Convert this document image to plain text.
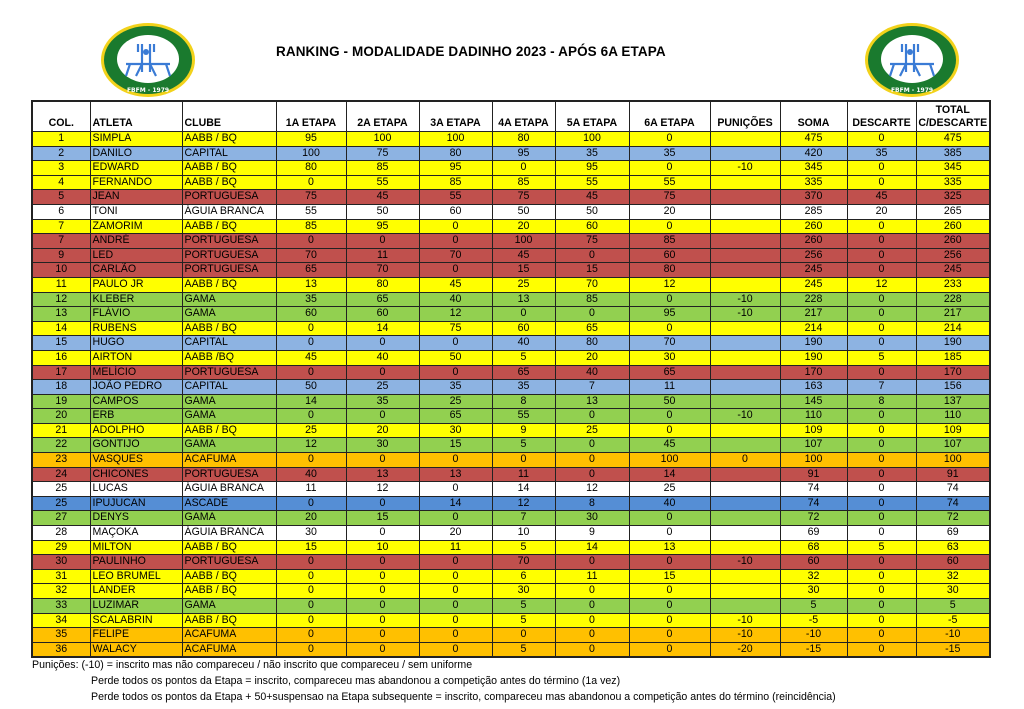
FBFM - 1979
RANKING - MODALIDADE DADINHO 2023 - APÓS 6A ETAPA
FBFM - 1979
COL.	ATLETA	CLUBE	1A ETAPA	2A ETAPA	3A ETAPA	4A ETAPA	5A ETAPA	6A ETAPA	PUNIÇÕES	SOMA	DESCARTE	TOTAL
C/DESCARTE

1	SIMPLA	AABB / BQ	95	100	100	80	100	0		475	0	475
2	DANILO	CAPITAL	100	75	80	95	35	35		420	35	385
3	EDWARD	AABB / BQ	80	85	95	0	95	0	-10	345	0	345
4	FERNANDO	AABB / BQ	0	55	85	85	55	55		335	0	335
5	JEAN	PORTUGUESA	75	45	55	75	45	75		370	45	325
6	TONI	ÁGUIA BRANCA	55	50	60	50	50	20		285	20	265
7	ZAMORIM	AABB / BQ	85	95	0	20	60	0		260	0	260
7	ANDRÉ	PORTUGUESA	0	0	0	100	75	85		260	0	260
9	LED	PORTUGUESA	70	11	70	45	0	60		256	0	256
10	CARLÃO	PORTUGUESA	65	70	0	15	15	80		245	0	245
11	PAULO JR	AABB / BQ	13	80	45	25	70	12		245	12	233
12	KLEBER	GAMA	35	65	40	13	85	0	-10	228	0	228
13	FLÁVIO	GAMA	60	60	12	0	0	95	-10	217	0	217
14	RUBENS	AABB / BQ	0	14	75	60	65	0		214	0	214
15	HUGO	CAPITAL	0	0	0	40	80	70		190	0	190
16	AIRTON	AABB /BQ	45	40	50	5	20	30		190	5	185
17	MELÍCIO	PORTUGUESA	0	0	0	65	40	65		170	0	170
18	JOÃO PEDRO	CAPITAL	50	25	35	35	7	11		163	7	156
19	CAMPOS	GAMA	14	35	25	8	13	50		145	8	137
20	ERB	GAMA	0	0	65	55	0	0	-10	110	0	110
21	ADOLPHO	AABB / BQ	25	20	30	9	25	0		109	0	109
22	GONTIJO	GAMA	12	30	15	5	0	45		107	0	107
23	VASQUES	ACAFUMA	0	0	0	0	0	100	0	100	0	100
24	CHICONES	PORTUGUESA	40	13	13	11	0	14		91	0	91
25	LUCAS	ÁGUIA BRANCA	11	12	0	14	12	25		74	0	74
25	IPUJUCAN	ASCADE	0	0	14	12	8	40		74	0	74
27	DENYS	GAMA	20	15	0	7	30	0		72	0	72
28	MAÇOKA	ÁGUIA BRANCA	30	0	20	10	9	0		69	0	69
29	MILTON	AABB / BQ	15	10	11	5	14	13		68	5	63
30	PAULINHO	PORTUGUESA	0	0	0	70	0	0	-10	60	0	60
31	LEO BRUMEL	AABB / BQ	0	0	0	6	11	15		32	0	32
32	LANDER	AABB / BQ	0	0	0	30	0	0		30	0	30
33	LUZIMAR	GAMA	0	0	0	5	0	0		5	0	5
34	SCALABRIN	AABB / BQ	0	0	0	5	0	0	-10	-5	0	-5
35	FELIPE	ACAFUMA	0	0	0	0	0	0	-10	-10	0	-10
36	WALACY	ACAFUMA	0	0	0	5	0	0	-20	-15	0	-15
Punições: (-10) = inscrito mas não compareceu / não inscrito que compareceu / sem uniforme
Perde todos os pontos da Etapa = inscrito, compareceu mas abandonou a competição antes do término (1a vez)
Perde todos os pontos da Etapa + 50+suspensao na Etapa subsequente = inscrito, compareceu mas abandonou a competição antes do término (reincidência)
